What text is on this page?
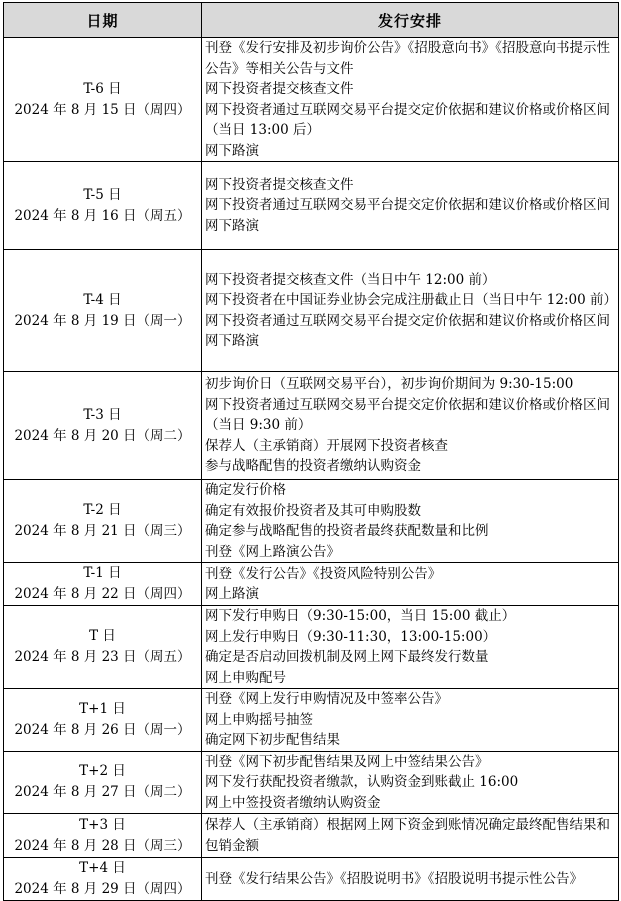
日期	发行安排

T-6 日
2024 年 8 月 15 日（周四）	刊登《发行安排及初步询价公告》《招股意向书》《招股意向书提示性公告》等相关公告与文件
网下投资者提交核查文件
网下投资者通过互联网交易平台提交定价依据和建议价格或价格区间（当日 13:00 后）
网下路演

T-5 日
2024 年 8 月 16 日（周五）	网下投资者提交核查文件
网下投资者通过互联网交易平台提交定价依据和建议价格或价格区间
网下路演

T-4 日
2024 年 8 月 19 日（周一）	网下投资者提交核查文件（当日中午 12:00 前）
网下投资者在中国证券业协会完成注册截止日（当日中午 12:00 前）
网下投资者通过互联网交易平台提交定价依据和建议价格或价格区间
网下路演

T-3 日
2024 年 8 月 20 日（周二）	初步询价日（互联网交易平台），初步询价期间为 9:30-15:00
网下投资者通过互联网交易平台提交定价依据和建议价格或价格区间（当日 9:30 前）
保荐人（主承销商）开展网下投资者核查
参与战略配售的投资者缴纳认购资金

T-2 日
2024 年 8 月 21 日（周三）	确定发行价格
确定有效报价投资者及其可申购股数
确定参与战略配售的投资者最终获配数量和比例
刊登《网上路演公告》

T-1 日
2024 年 8 月 22 日（周四）	刊登《发行公告》《投资风险特别公告》
网上路演

T 日
2024 年 8 月 23 日（周五）	网下发行申购日（9:30-15:00，当日 15:00 截止）
网上发行申购日（9:30-11:30，13:00-15:00）
确定是否启动回拨机制及网上网下最终发行数量
网上申购配号

T+1 日
2024 年 8 月 26 日（周一）	刊登《网上发行申购情况及中签率公告》
网上申购摇号抽签
确定网下初步配售结果

T+2 日
2024 年 8 月 27 日（周二）	刊登《网下初步配售结果及网上中签结果公告》
网下发行获配投资者缴款，认购资金到账截止 16:00
网上中签投资者缴纳认购资金

T+3 日
2024 年 8 月 28 日（周三）	保荐人（主承销商）根据网上网下资金到账情况确定最终配售结果和包销金额

T+4 日
2024 年 8 月 29 日（周四）	刊登《发行结果公告》《招股说明书》《招股说明书提示性公告》
